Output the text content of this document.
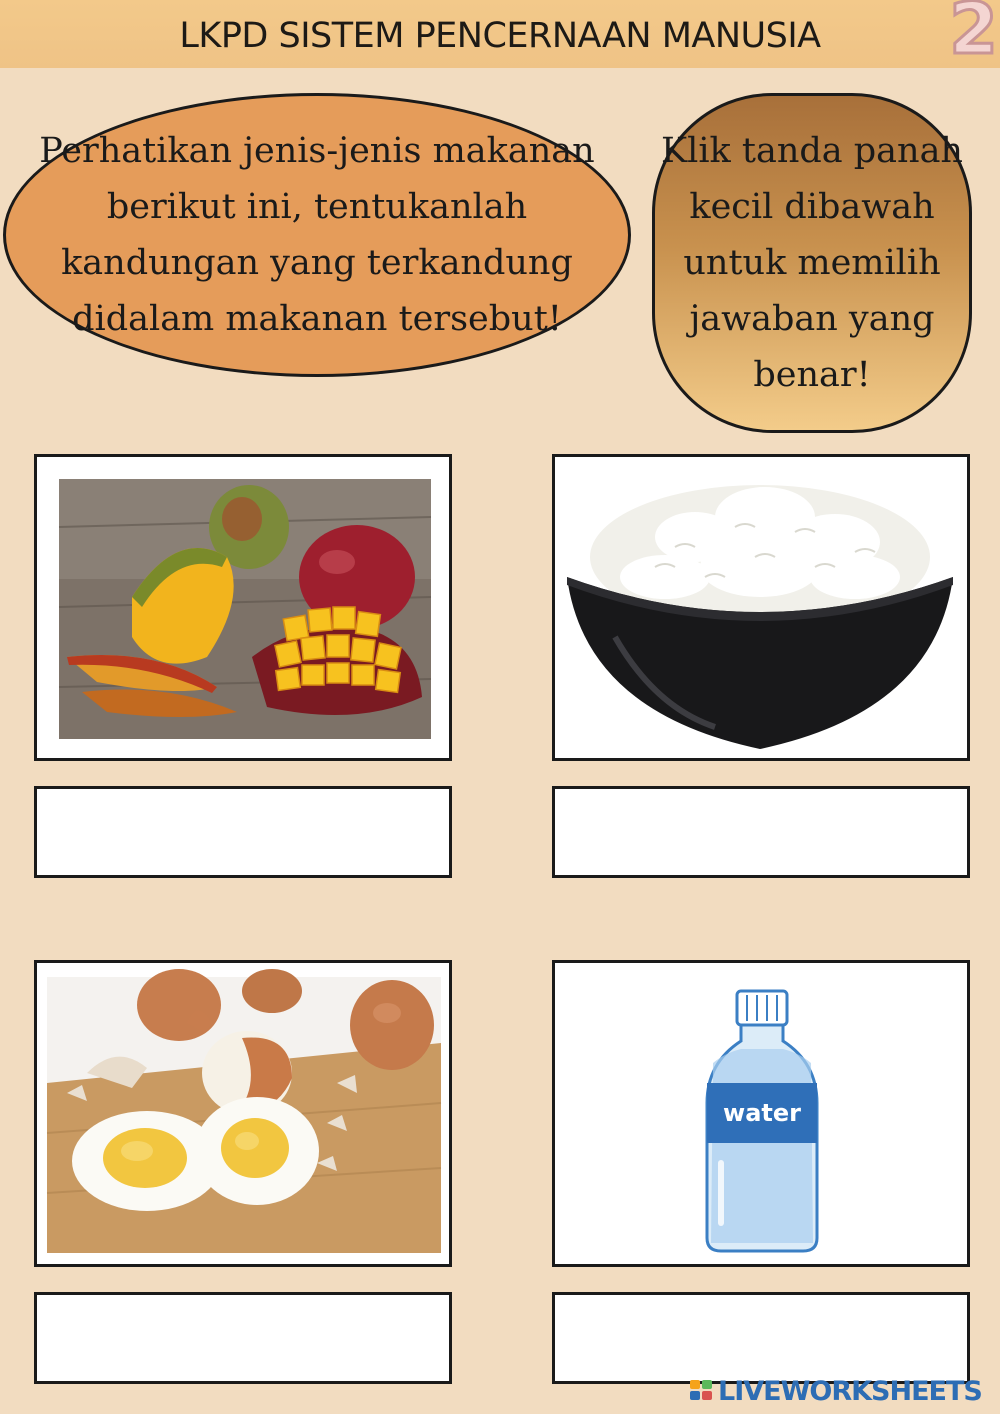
LKPD SISTEM PENCERNAAN MANUSIA	2
Perhatikan jenis-jenis makanan
berikut ini, tentukanlah
kandungan yang terkandung
didalam makanan tersebut!
Klik tanda panah
kecil dibawah
untuk memilih
jawaban yang
benar!
water
LIVEWORKSHEETS
